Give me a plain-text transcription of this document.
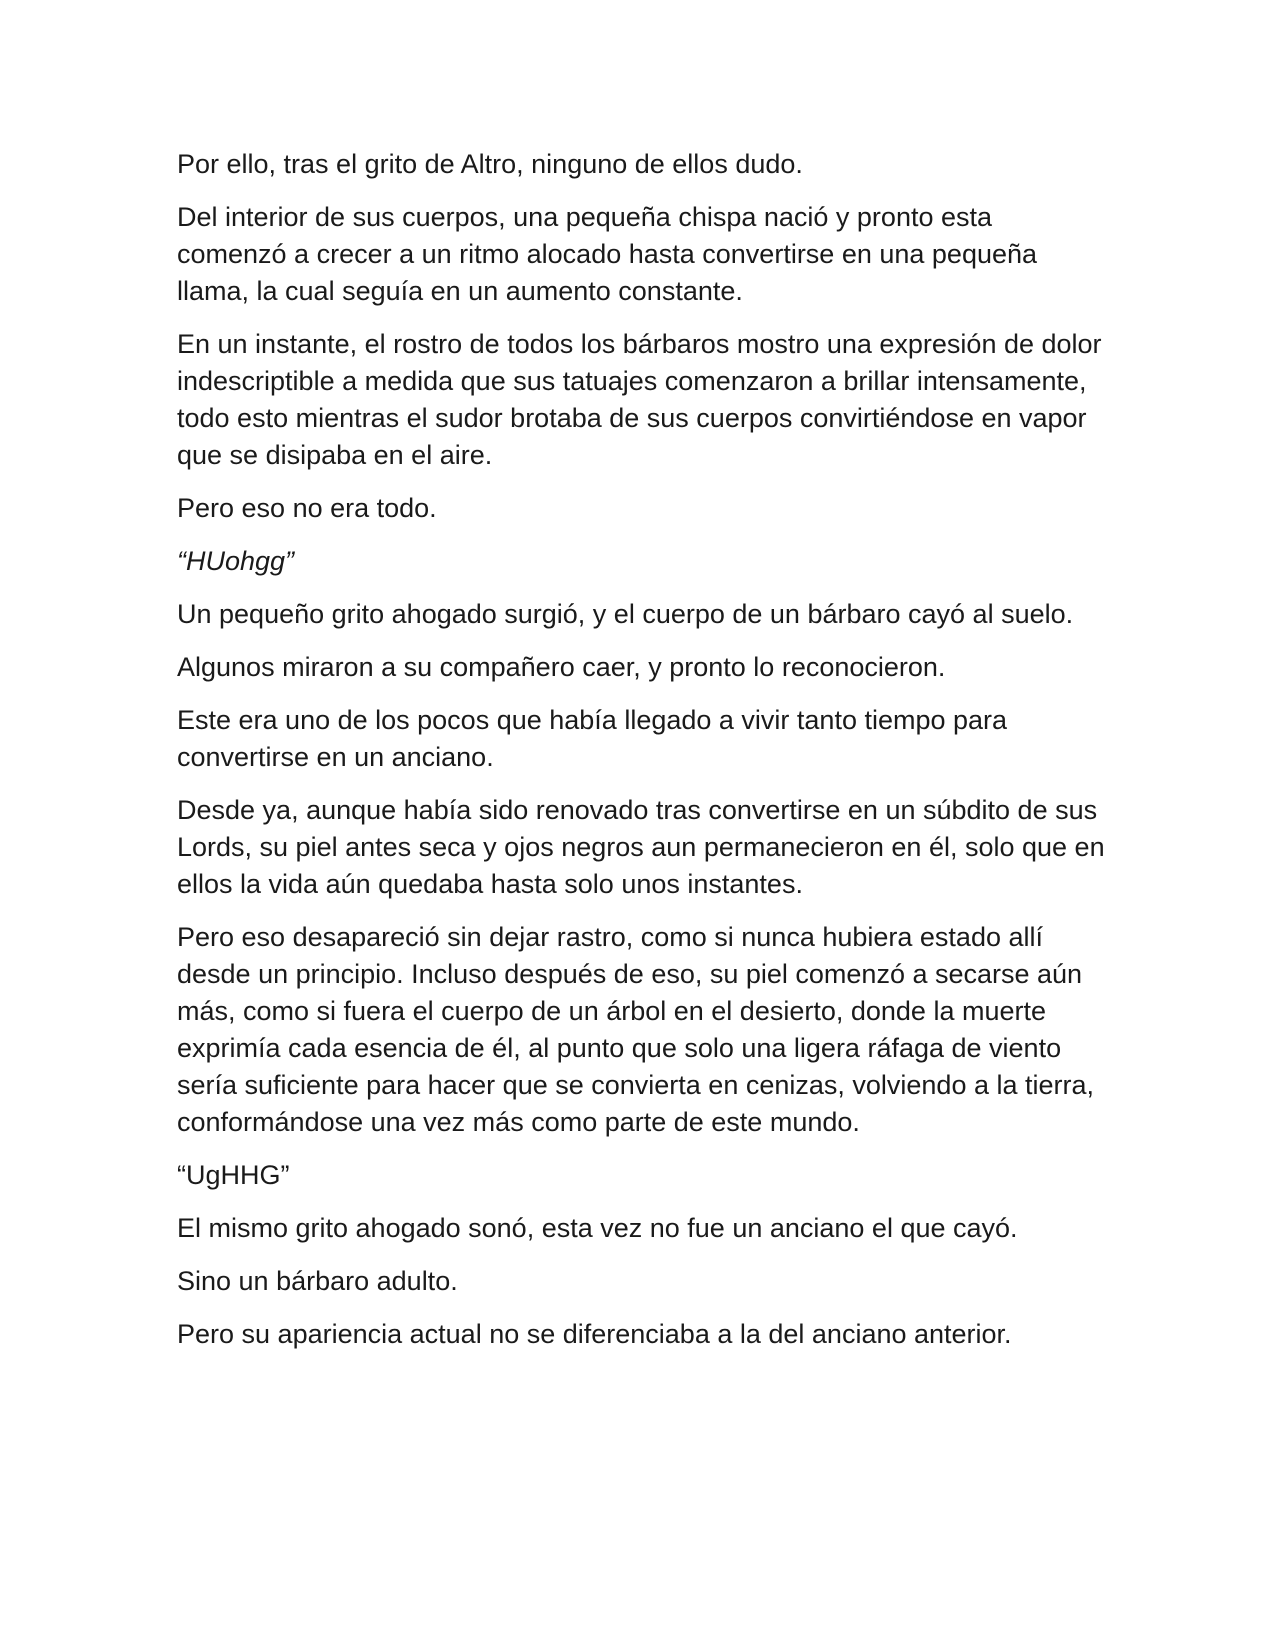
Por ello, tras el grito de Altro, ninguno de ellos dudo.

Del interior de sus cuerpos, una pequeña chispa nació y pronto esta comenzó a crecer a un ritmo alocado hasta convertirse en una pequeña llama, la cual seguía en un aumento constante.

En un instante, el rostro de todos los bárbaros mostro una expresión de dolor indescriptible a medida que sus tatuajes comenzaron a brillar intensamente, todo esto mientras el sudor brotaba de sus cuerpos convirtiéndose en vapor que se disipaba en el aire.

Pero eso no era todo.

“HUohgg”

Un pequeño grito ahogado surgió, y el cuerpo de un bárbaro cayó al suelo.

Algunos miraron a su compañero caer, y pronto lo reconocieron.

Este era uno de los pocos que había llegado a vivir tanto tiempo para convertirse en un anciano.

Desde ya, aunque había sido renovado tras convertirse en un súbdito de sus Lords, su piel antes seca y ojos negros aun permanecieron en él, solo que en ellos la vida aún quedaba hasta solo unos instantes.

Pero eso desapareció sin dejar rastro, como si nunca hubiera estado allí desde un principio. Incluso después de eso, su piel comenzó a secarse aún más, como si fuera el cuerpo de un árbol en el desierto, donde la muerte exprimía cada esencia de él, al punto que solo una ligera ráfaga de viento sería suficiente para hacer que se convierta en cenizas, volviendo a la tierra, conformándose una vez más como parte de este mundo.

“UgHHG”

El mismo grito ahogado sonó, esta vez no fue un anciano el que cayó.

Sino un bárbaro adulto.

Pero su apariencia actual no se diferenciaba a la del anciano anterior.
